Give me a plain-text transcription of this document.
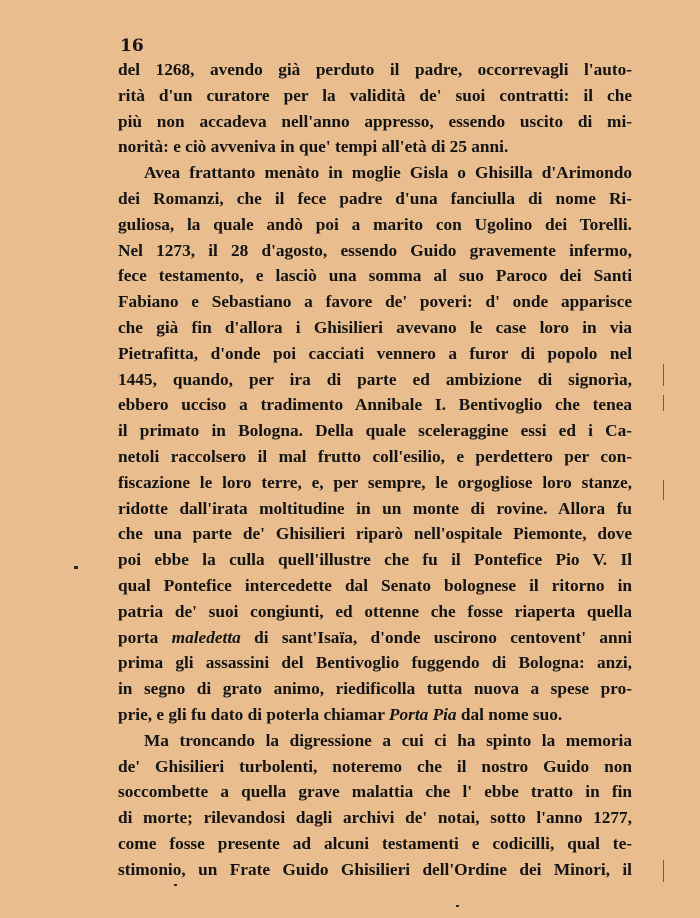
16
del 1268, avendo già perduto il padre, occorrevagli l'auto-
rità d'un curatore per la validità de' suoi contratti: il che
più non accadeva nell'anno appresso, essendo uscito di mi-
norità: e ciò avveniva in que' tempi all'età di 25 anni.
Avea frattanto menàto in moglie Gisla o Ghisilla d'Arimondo
dei Romanzi, che il fece padre d'una fanciulla di nome Ri-
guliosa, la quale andò poi a marito con Ugolino dei Torelli.
Nel 1273, il 28 d'agosto, essendo Guido gravemente infermo,
fece testamento, e lasciò una somma al suo Paroco dei Santi
Fabiano e Sebastiano a favore de' poveri: d' onde apparisce
che già fin d'allora i Ghisilieri avevano le case loro in via
Pietrafitta, d'onde poi cacciati vennero a furor di popolo nel
1445, quando, per ira di parte ed ambizione di signorìa,
ebbero ucciso a tradimento Annibale I. Bentivoglio che tenea
il primato in Bologna. Della quale sceleraggine essi ed i Ca-
netoli raccolsero il mal frutto coll'esilio, e perdettero per con-
fiscazione le loro terre, e, per sempre, le orgogliose loro stanze,
ridotte dall'irata moltitudine in un monte di rovine. Allora fu
che una parte de' Ghisilieri riparò nell'ospitale Piemonte, dove
poi ebbe la culla quell'illustre che fu il Pontefice Pio V. Il
qual Pontefice intercedette dal Senato bolognese il ritorno in
patria de' suoi congiunti, ed ottenne che fosse riaperta quella
porta maledetta di sant'Isaïa, d'onde uscirono centovent' anni
prima gli assassini del Bentivoglio fuggendo di Bologna: anzi,
in segno di grato animo, riedificolla tutta nuova a spese pro-
prie, e gli fu dato di poterla chiamar Porta Pia dal nome suo.
Ma troncando la digressione a cui ci ha spinto la memoria
de' Ghisilieri turbolenti, noteremo che il nostro Guido non
soccombette a quella grave malattia che l' ebbe tratto in fin
di morte; rilevandosi dagli archivi de' notai, sotto l'anno 1277,
come fosse presente ad alcuni testamenti e codicilli, qual te-
stimonio, un Frate Guido Ghisilieri dell'Ordine dei Minori, il
